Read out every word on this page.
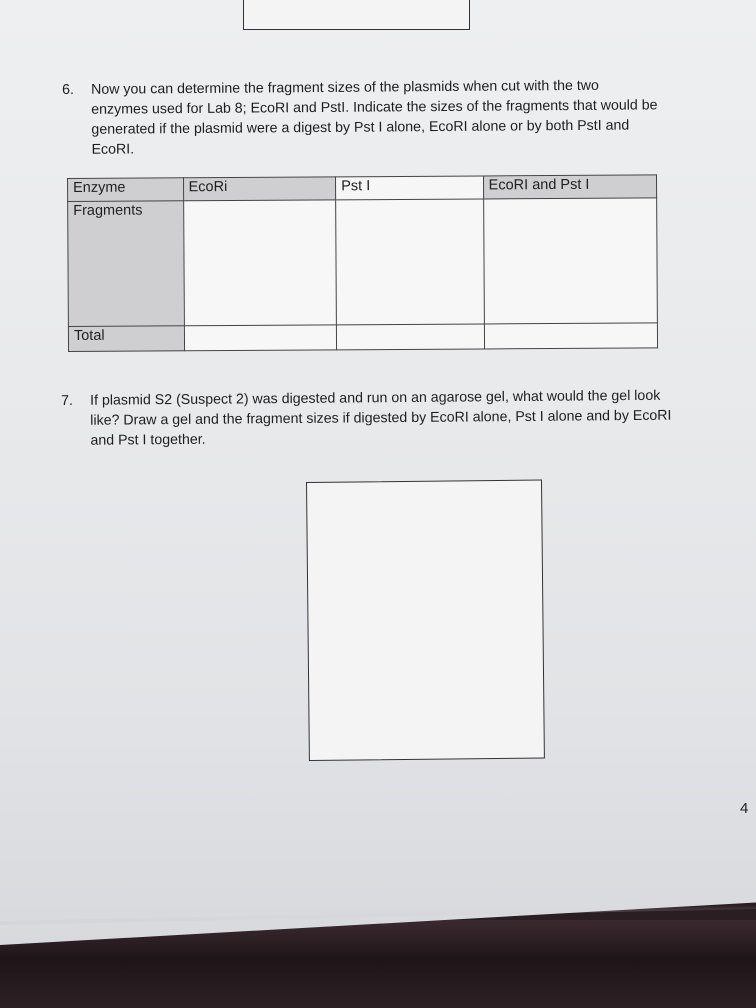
6. Now you can determine the fragment sizes of the plasmids when cut with the two
enzymes used for Lab 8; EcoRI and PstI. Indicate the sizes of the fragments that would be
generated if the plasmid were a digest by Pst I alone, EcoRI alone or by both PstI and
EcoRI.
Enzyme	EcoRi	Pst I	EcoRI and Pst I

Fragments			

Total			

7. If plasmid S2 (Suspect 2) was digested and run on an agarose gel, what would the gel look
like? Draw a gel and the fragment sizes if digested by EcoRI alone, Pst I alone and by EcoRI
and Pst I together.
4
